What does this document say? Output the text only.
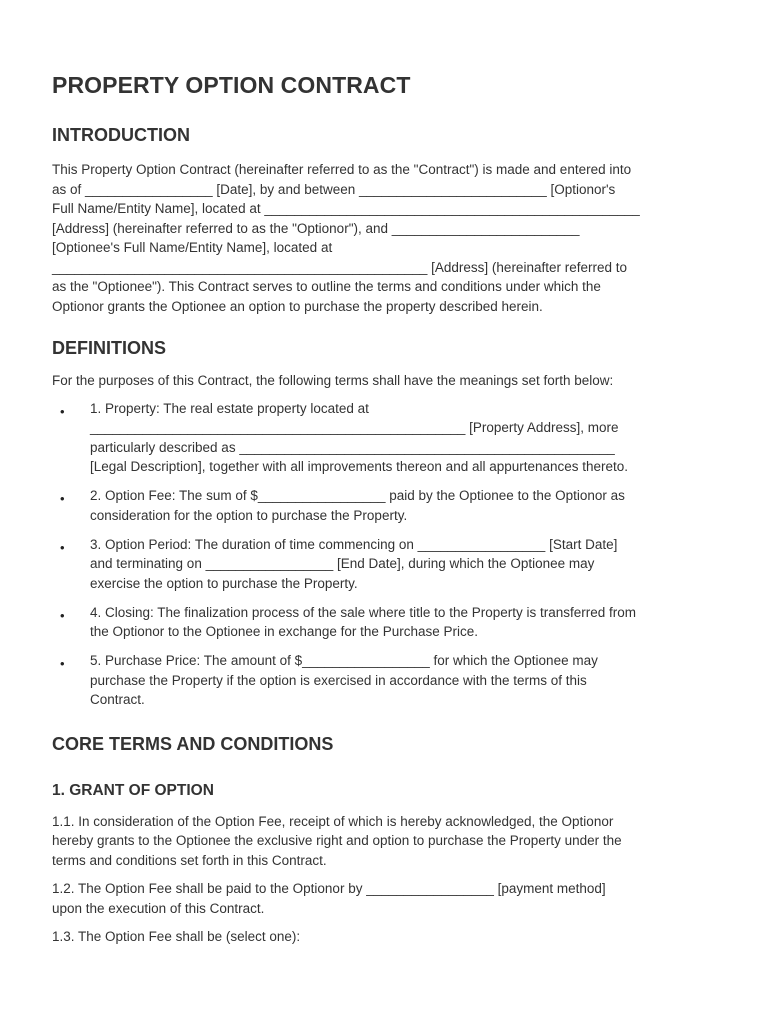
PROPERTY OPTION CONTRACT
INTRODUCTION

This Property Option Contract (hereinafter referred to as the "Contract") is made and entered into
as of _________________ [Date], by and between _________________________ [Optionor's
Full Name/Entity Name], located at __________________________________________________
[Address] (hereinafter referred to as the "Optionor"), and _________________________
[Optionee's Full Name/Entity Name], located at
__________________________________________________ [Address] (hereinafter referred to
as the "Optionee"). This Contract serves to outline the terms and conditions under which the
Optionor grants the Optionee an option to purchase the property described herein.

DEFINITIONS

For the purposes of this Contract, the following terms shall have the meanings set forth below:

• 1. Property: The real estate property located at
__________________________________________________ [Property Address], more
particularly described as __________________________________________________
[Legal Description], together with all improvements thereon and all appurtenances thereto.

• 2. Option Fee: The sum of $_________________ paid by the Optionee to the Optionor as
consideration for the option to purchase the Property.

• 3. Option Period: The duration of time commencing on _________________ [Start Date]
and terminating on _________________ [End Date], during which the Optionee may
exercise the option to purchase the Property.

• 4. Closing: The finalization process of the sale where title to the Property is transferred from
the Optionor to the Optionee in exchange for the Purchase Price.

• 5. Purchase Price: The amount of $_________________ for which the Optionee may
purchase the Property if the option is exercised in accordance with the terms of this
Contract.

CORE TERMS AND CONDITIONS
1. GRANT OF OPTION

1.1. In consideration of the Option Fee, receipt of which is hereby acknowledged, the Optionor
hereby grants to the Optionee the exclusive right and option to purchase the Property under the
terms and conditions set forth in this Contract.

1.2. The Option Fee shall be paid to the Optionor by _________________ [payment method]
upon the execution of this Contract.

1.3. The Option Fee shall be (select one):
